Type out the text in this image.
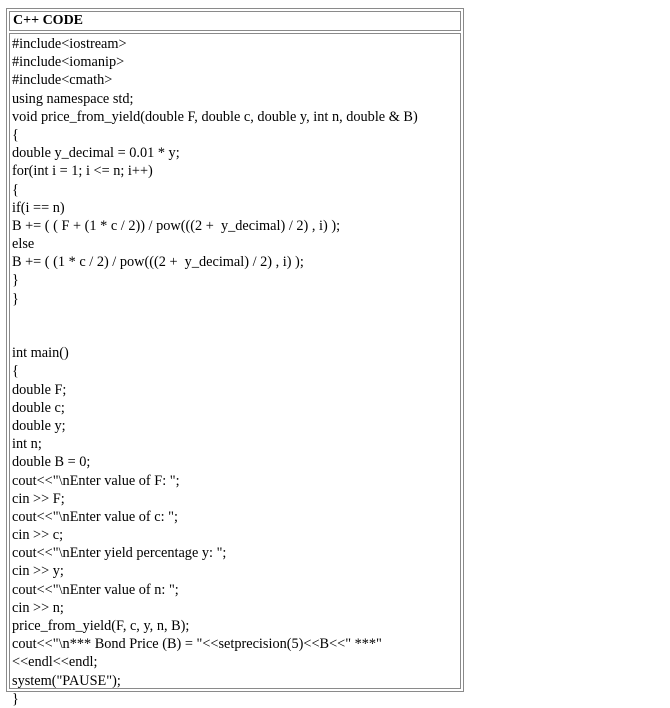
C++ CODE
#include<iostream>
#include<iomanip>
#include<cmath>
using namespace std;
void price_from_yield(double F, double c, double y, int n, double & B)
{
double y_decimal = 0.01 * y;
for(int i = 1; i <= n; i++)
{
if(i == n)
B += ( ( F + (1 * c / 2)) / pow(((2 +  y_decimal) / 2) , i) );
else
B += ( (1 * c / 2) / pow(((2 +  y_decimal) / 2) , i) );
}
}
int main()
{
double F;
double c;
double y;
int n;
double B = 0;
cout<<"\nEnter value of F: ";
cin >> F;
cout<<"\nEnter value of c: ";
cin >> c;
cout<<"\nEnter yield percentage y: ";
cin >> y;
cout<<"\nEnter value of n: ";
cin >> n;
price_from_yield(F, c, y, n, B);
cout<<"\n*** Bond Price (B) = "<<setprecision(5)<<B<<" ***"
<<endl<<endl;
system("PAUSE");
}
